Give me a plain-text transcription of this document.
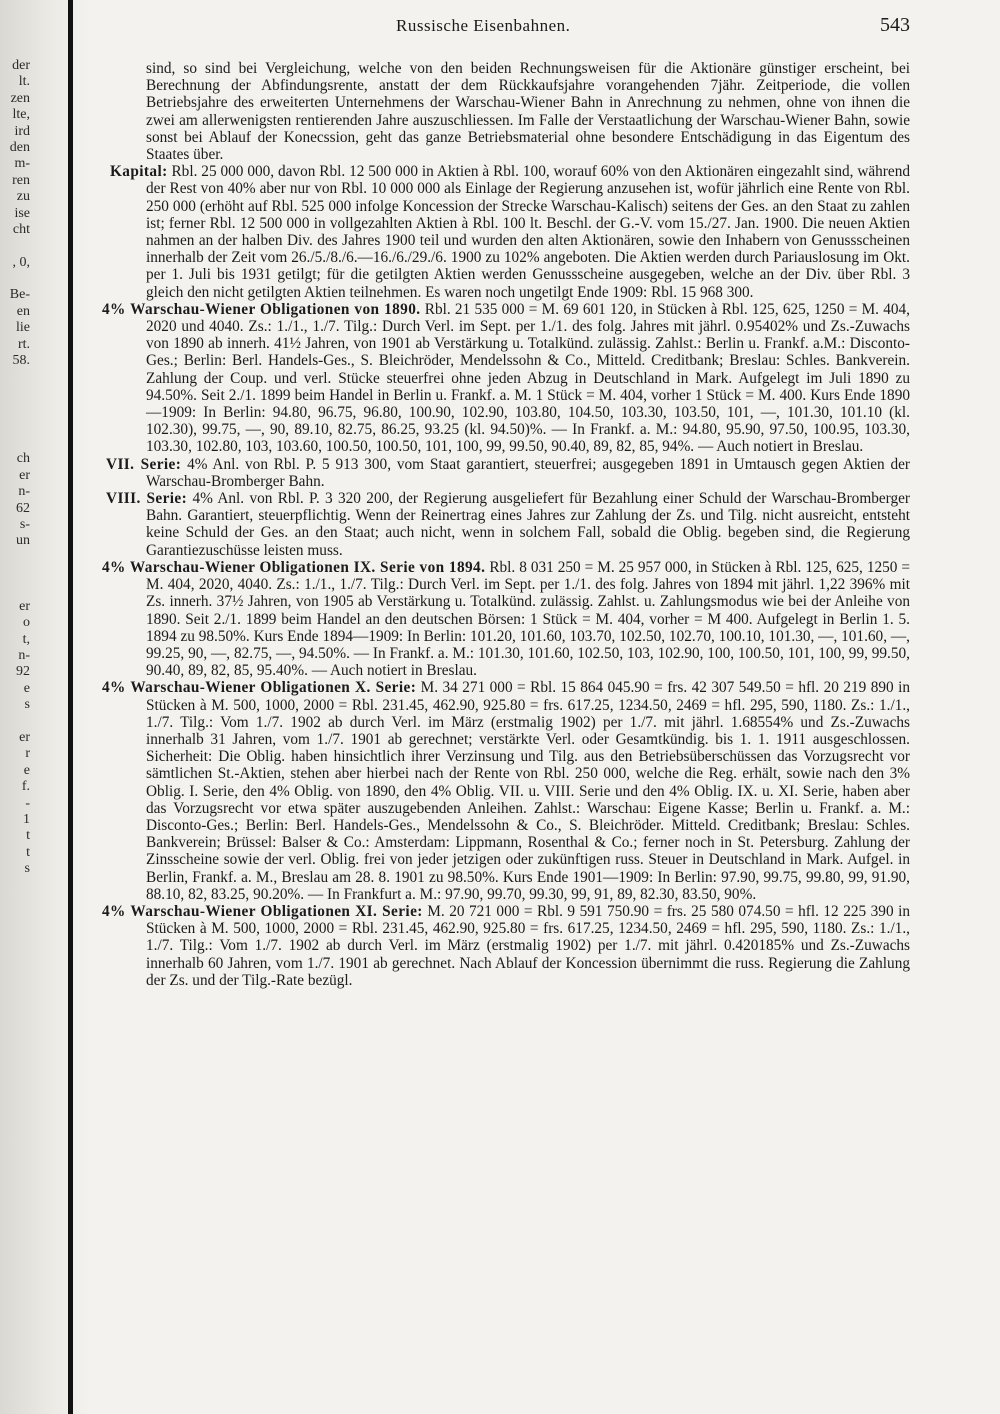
der
lt.
zen
lte,
ird
den
m-
ren
zu
ise
cht
, 0,
Be-
en
lie
rt.
58.
ch
er
n-
62
s-
un
er
o
t,
n-
92
e
s
er
r
e
f.
-
1
t
t
s
Russische Eisenbahnen.	543

sind, so sind bei Vergleichung, welche von den beiden Rechnungsweisen für die Aktionäre günstiger erscheint, bei Berechnung der Abfindungsrente, anstatt der dem Rückkaufsjahre vorangehenden 7jähr. Zeitperiode, die vollen Betriebsjahre des erweiterten Unternehmens der Warschau-Wiener Bahn in Anrechnung zu nehmen, ohne von ihnen die zwei am allerwenigsten rentierenden Jahre auszuschliessen. Im Falle der Verstaatlichung der Warschau-Wiener Bahn, sowie sonst bei Ablauf der Konecssion, geht das ganze Betriebsmaterial ohne besondere Entschädigung in das Eigentum des Staates über.

Kapital: Rbl. 25 000 000, davon Rbl. 12 500 000 in Aktien à Rbl. 100, worauf 60% von den Aktionären eingezahlt sind, während der Rest von 40% aber nur von Rbl. 10 000 000 als Einlage der Regierung anzusehen ist, wofür jährlich eine Rente von Rbl. 250 000 (erhöht auf Rbl. 525 000 infolge Koncession der Strecke Warschau-Kalisch) seitens der Ges. an den Staat zu zahlen ist; ferner Rbl. 12 500 000 in vollgezahlten Aktien à Rbl. 100 lt. Beschl. der G.-V. vom 15./27. Jan. 1900. Die neuen Aktien nahmen an der halben Div. des Jahres 1900 teil und wurden den alten Aktionären, sowie den Inhabern von Genussscheinen innerhalb der Zeit vom 26./5./8./6.—16./6./29./6. 1900 zu 102% angeboten. Die Aktien werden durch Pariauslosung im Okt. per 1. Juli bis 1931 getilgt; für die getilgten Aktien werden Genussscheine ausgegeben, welche an der Div. über Rbl. 3 gleich den nicht getilgten Aktien teilnehmen. Es waren noch ungetilgt Ende 1909: Rbl. 15 968 300.

4% Warschau-Wiener Obligationen von 1890. Rbl. 21 535 000 = M. 69 601 120, in Stücken à Rbl. 125, 625, 1250 = M. 404, 2020 und 4040. Zs.: 1./1., 1./7. Tilg.: Durch Verl. im Sept. per 1./1. des folg. Jahres mit jährl. 0.95402% und Zs.-Zuwachs von 1890 ab innerh. 41½ Jahren, von 1901 ab Verstärkung u. Totalkünd. zulässig. Zahlst.: Berlin u. Frankf. a.M.: Disconto-Ges.; Berlin: Berl. Handels-Ges., S. Bleichröder, Mendelssohn & Co., Mitteld. Creditbank; Breslau: Schles. Bankverein. Zahlung der Coup. und verl. Stücke steuerfrei ohne jeden Abzug in Deutschland in Mark. Aufgelegt im Juli 1890 zu 94.50%. Seit 2./1. 1899 beim Handel in Berlin u. Frankf. a. M. 1 Stück = M. 404, vorher 1 Stück = M. 400. Kurs Ende 1890—1909: In Berlin: 94.80, 96.75, 96.80, 100.90, 102.90, 103.80, 104.50, 103.30, 103.50, 101, —, 101.30, 101.10 (kl. 102.30), 99.75, —, 90, 89.10, 82.75, 86.25, 93.25 (kl. 94.50)%. — In Frankf. a. M.: 94.80, 95.90, 97.50, 100.95, 103.30, 103.30, 102.80, 103, 103.60, 100.50, 100.50, 101, 100, 99, 99.50, 90.40, 89, 82, 85, 94%. — Auch notiert in Breslau.

VII. Serie: 4% Anl. von Rbl. P. 5 913 300, vom Staat garantiert, steuerfrei; ausgegeben 1891 in Umtausch gegen Aktien der Warschau-Bromberger Bahn.

VIII. Serie: 4% Anl. von Rbl. P. 3 320 200, der Regierung ausgeliefert für Bezahlung einer Schuld der Warschau-Bromberger Bahn. Garantiert, steuerpflichtig. Wenn der Reinertrag eines Jahres zur Zahlung der Zs. und Tilg. nicht ausreicht, entsteht keine Schuld der Ges. an den Staat; auch nicht, wenn in solchem Fall, sobald die Oblig. begeben sind, die Regierung Garantiezuschüsse leisten muss.

4% Warschau-Wiener Obligationen IX. Serie von 1894. Rbl. 8 031 250 = M. 25 957 000, in Stücken à Rbl. 125, 625, 1250 = M. 404, 2020, 4040. Zs.: 1./1., 1./7. Tilg.: Durch Verl. im Sept. per 1./1. des folg. Jahres von 1894 mit jährl. 1,22 396% mit Zs. innerh. 37½ Jahren, von 1905 ab Verstärkung u. Totalkünd. zulässig. Zahlst. u. Zahlungsmodus wie bei der Anleihe von 1890. Seit 2./1. 1899 beim Handel an den deutschen Börsen: 1 Stück = M. 404, vorher = M 400. Aufgelegt in Berlin 1. 5. 1894 zu 98.50%. Kurs Ende 1894—1909: In Berlin: 101.20, 101.60, 103.70, 102.50, 102.70, 100.10, 101.30, —, 101.60, —, 99.25, 90, —, 82.75, —, 94.50%. — In Frankf. a. M.: 101.30, 101.60, 102.50, 103, 102.90, 100, 100.50, 101, 100, 99, 99.50, 90.40, 89, 82, 85, 95.40%. — Auch notiert in Breslau.

4% Warschau-Wiener Obligationen X. Serie: M. 34 271 000 = Rbl. 15 864 045.90 = frs. 42 307 549.50 = hfl. 20 219 890 in Stücken à M. 500, 1000, 2000 = Rbl. 231.45, 462.90, 925.80 = frs. 617.25, 1234.50, 2469 = hfl. 295, 590, 1180. Zs.: 1./1., 1./7. Tilg.: Vom 1./7. 1902 ab durch Verl. im März (erstmalig 1902) per 1./7. mit jährl. 1.68554% und Zs.-Zuwachs innerhalb 31 Jahren, vom 1./7. 1901 ab gerechnet; verstärkte Verl. oder Gesamtkündig. bis 1. 1. 1911 ausgeschlossen. Sicherheit: Die Oblig. haben hinsichtlich ihrer Verzinsung und Tilg. aus den Betriebsüberschüssen das Vorzugsrecht vor sämtlichen St.-Aktien, stehen aber hierbei nach der Rente von Rbl. 250 000, welche die Reg. erhält, sowie nach den 3% Oblig. I. Serie, den 4% Oblig. von 1890, den 4% Oblig. VII. u. VIII. Serie und den 4% Oblig. IX. u. XI. Serie, haben aber das Vorzugsrecht vor etwa später auszugebenden Anleihen. Zahlst.: Warschau: Eigene Kasse; Berlin u. Frankf. a. M.: Disconto-Ges.; Berlin: Berl. Handels-Ges., Mendelssohn & Co., S. Bleichröder. Mitteld. Creditbank; Breslau: Schles. Bankverein; Brüssel: Balser & Co.: Amsterdam: Lippmann, Rosenthal & Co.; ferner noch in St. Petersburg. Zahlung der Zinsscheine sowie der verl. Oblig. frei von jeder jetzigen oder zukünftigen russ. Steuer in Deutschland in Mark. Aufgel. in Berlin, Frankf. a. M., Breslau am 28. 8. 1901 zu 98.50%. Kurs Ende 1901—1909: In Berlin: 97.90, 99.75, 99.80, 99, 91.90, 88.10, 82, 83.25, 90.20%. — In Frankfurt a. M.: 97.90, 99.70, 99.30, 99, 91, 89, 82.30, 83.50, 90%.

4% Warschau-Wiener Obligationen XI. Serie: M. 20 721 000 = Rbl. 9 591 750.90 = frs. 25 580 074.50 = hfl. 12 225 390 in Stücken à M. 500, 1000, 2000 = Rbl. 231.45, 462.90, 925.80 = frs. 617.25, 1234.50, 2469 = hfl. 295, 590, 1180. Zs.: 1./1., 1./7. Tilg.: Vom 1./7. 1902 ab durch Verl. im März (erstmalig 1902) per 1./7. mit jährl. 0.420185% und Zs.-Zuwachs innerhalb 60 Jahren, vom 1./7. 1901 ab gerechnet. Nach Ablauf der Koncession übernimmt die russ. Regierung die Zahlung der Zs. und der Tilg.-Rate bezügl.
